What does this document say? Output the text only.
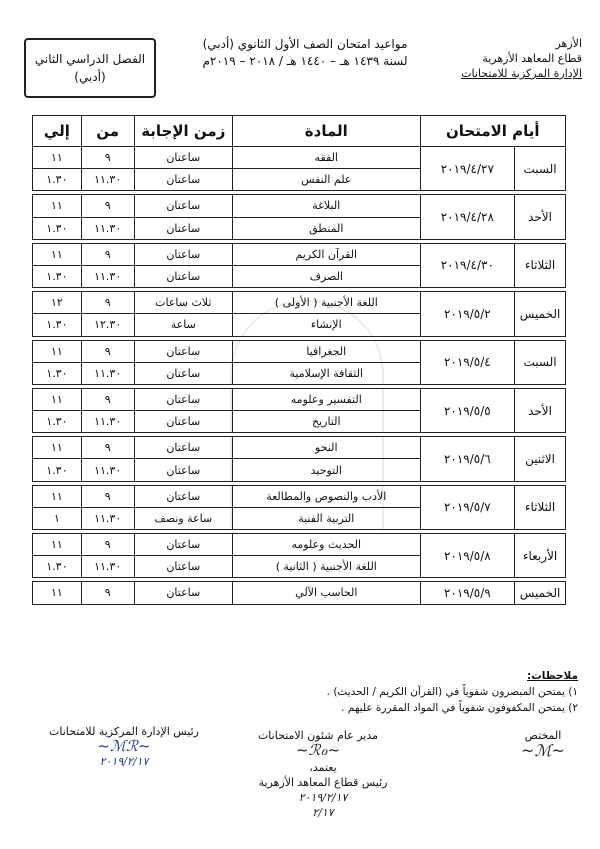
الأزهر
قطاع المعاهد الأزهرية
الإدارة المركزية للامتحانات
مواعيد امتحان الصف الأول الثانوي (أدبي)
لسنة ١٤٣٩ هـ – ١٤٤٠ هـ / ٢٠١٨ – ٢٠١٩م
الفصل الدراسي الثاني
(أدبي)
أيام الامتحان		المادة	زمن الإجابة	من	إلي
السبت	٢٠١٩/٤/٢٧	الفقه	ساعتان	٩	١١
		علم النفس	ساعتان	١١.٣٠	١.٣٠

الأحد	٢٠١٩/٤/٢٨	البلاغة	ساعتان	٩	١١
		المنطق	ساعتان	١١.٣٠	١.٣٠

الثلاثاء	٢٠١٩/٤/٣٠	القرآن الكريم	ساعتان	٩	١١
		الصرف	ساعتان	١١.٣٠	١.٣٠

الخميس	٢٠١٩/٥/٢	اللغة الأجنبية ( الأولى )	ثلاث ساعات	٩	١٢
		الإنشاء	ساعة	١٢.٣٠	١.٣٠

السبت	٢٠١٩/٥/٤	الجغرافيا	ساعتان	٩	١١
		الثقافة الإسلامية	ساعتان	١١.٣٠	١.٣٠

الأحد	٢٠١٩/٥/٥	التفسير وعلومه	ساعتان	٩	١١
		التاريخ	ساعتان	١١.٣٠	١.٣٠

الاثنين	٢٠١٩/٥/٦	النحو	ساعتان	٩	١١
		التوحيد	ساعتان	١١.٣٠	١.٣٠

الثلاثاء	٢٠١٩/٥/٧	الأدب والنصوص والمطالعة	ساعتان	٩	١١
		التربية الفنية	ساعة ونصف	١١.٣٠	١

الأربعاء	٢٠١٩/٥/٨	الحديث وعلومه	ساعتان	٩	١١
		اللغة الأجنبية ( الثانية )	ساعتان	١١.٣٠	١.٣٠

الخميس	٢٠١٩/٥/٩	الحاسب الآلي	ساعتان	٩	١١
ملاحظات:
١) يمتحن المبصرون شفوياً في (القرآن الكريم / الحديث) .
٢) يمتحن المكفوفون شفوياً في المواد المقررة عليهم .
المختص
~ℳ~
مدير عام شئون الامتحانات
~ℛℴ~
رئيس الإدارة المركزية للامتحانات
~ℳℛ~
٢٠١٩/٢/١٧	يعتمد،
رئيس قطاع المعاهد الأزهرية
٢٠١٩/٢/١٧
٢/١٧
